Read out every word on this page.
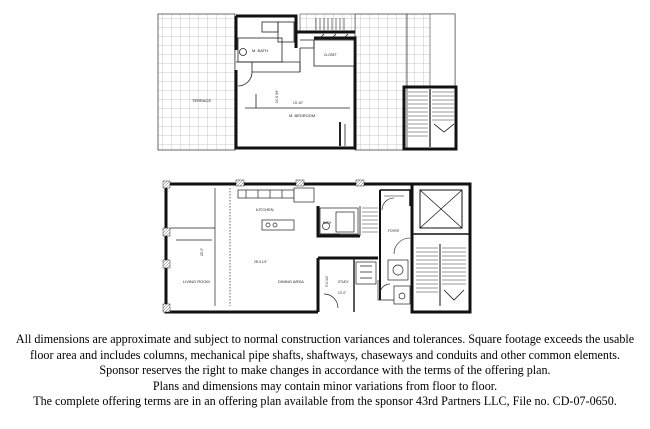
TERRACE
M. BATH
CLOSET
13'-10"
14'-6 3/4"
M. BEDROOM
KITCHEN
BATH
FOYER
28'-9 1/4"
20'-9"
LIVING ROOM	DINING AREA	STUDY
10'-0"
9'-0 1/4"
All dimensions are approximate and subject to normal construction variances and tolerances. Square footage exceeds the usable
floor area and includes columns, mechanical pipe shafts, shaftways, chaseways and conduits and other common elements.
Sponsor reserves the right to make changes in accordance with the terms of the offering plan.
Plans and dimensions may contain minor variations from floor to floor.
The complete offering terms are in an offering plan available from the sponsor 43rd Partners LLC, File no. CD-07-0650.
